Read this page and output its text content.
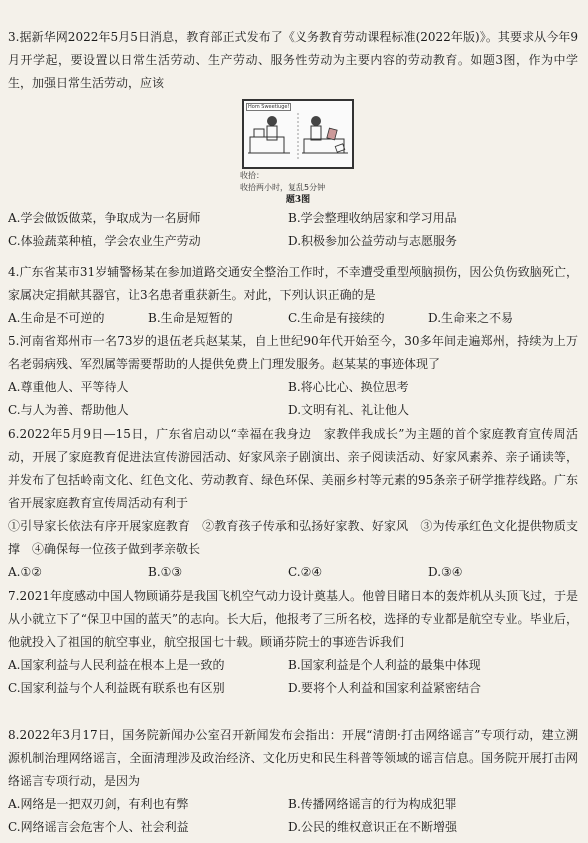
3.据新华网2022年5月5日消息，教育部正式发布了《义务教育劳动课程标准(2022年版)》。其要求从今年9月开学起，要设置以日常生活劳动、生产劳动、服务性劳动为主要内容的劳动教育。如题3图，作为中学生，加强日常生活劳动，应该

Hom Sweetiuge!
收拾：
收拾两小时，复乱5分钟
题3图
A.学会做饭做菜，争取成为一名厨师	B.学会整理收纳居家和学习用品
C.体验蔬菜种植，学会农业生产劳动	D.积极参加公益劳动与志愿服务

4.广东省某市31岁辅警杨某在参加道路交通安全整治工作时，不幸遭受重型颅脑损伤，因公负伤致脑死亡，家属决定捐献其器官，让3名患者重获新生。对此，下列认识正确的是

A.生命是不可逆的	B.生命是短暂的	C.生命是有接续的	D.生命来之不易

5.河南省郑州市一名73岁的退伍老兵赵某某，自上世纪90年代开始至今，30多年间走遍郑州，持续为上万名老弱病残、军烈属等需要帮助的人提供免费上门理发服务。赵某某的事迹体现了

A.尊重他人、平等待人	B.将心比心、换位思考
C.与人为善、帮助他人	D.文明有礼、礼让他人

6.2022年5月9日—15日，广东省启动以“幸福在我身边　家教伴我成长”为主题的首个家庭教育宣传周活动，开展了家庭教育促进法宣传游园活动、好家风亲子剧演出、亲子阅读活动、好家风素养、亲子诵读等，并发布了包括岭南文化、红色文化、劳动教育、绿色环保、美丽乡村等元素的95条亲子研学推荐线路。广东省开展家庭教育宣传周活动有利于

①引导家长依法有序开展家庭教育　②教育孩子传承和弘扬好家教、好家风　③为传承红色文化提供物质支撑　④确保每一位孩子做到孝亲敬长

A.①②	B.①③	C.②④	D.③④

7.2021年度感动中国人物顾诵芬是我国飞机空气动力设计奠基人。他曾目睹日本的轰炸机从头顶飞过，于是从小就立下了“保卫中国的蓝天”的志向。长大后，他报考了三所名校，选择的专业都是航空专业。毕业后，他就投入了祖国的航空事业，航空报国七十载。顾诵芬院士的事迹告诉我们

A.国家利益与人民利益在根本上是一致的	B.国家利益是个人利益的最集中体现
C.国家利益与个人利益既有联系也有区别	D.要将个人利益和国家利益紧密结合

8.2022年3月17日，国务院新闻办公室召开新闻发布会指出：开展“清朗·打击网络谣言”专项行动，建立溯源机制治理网络谣言，全面清理涉及政治经济、文化历史和民生科普等领域的谣言信息。国务院开展打击网络谣言专项行动，是因为

A.网络是一把双刃剑，有利也有弊	B.传播网络谣言的行为构成犯罪
C.网络谣言会危害个人、社会利益	D.公民的维权意识正在不断增强
